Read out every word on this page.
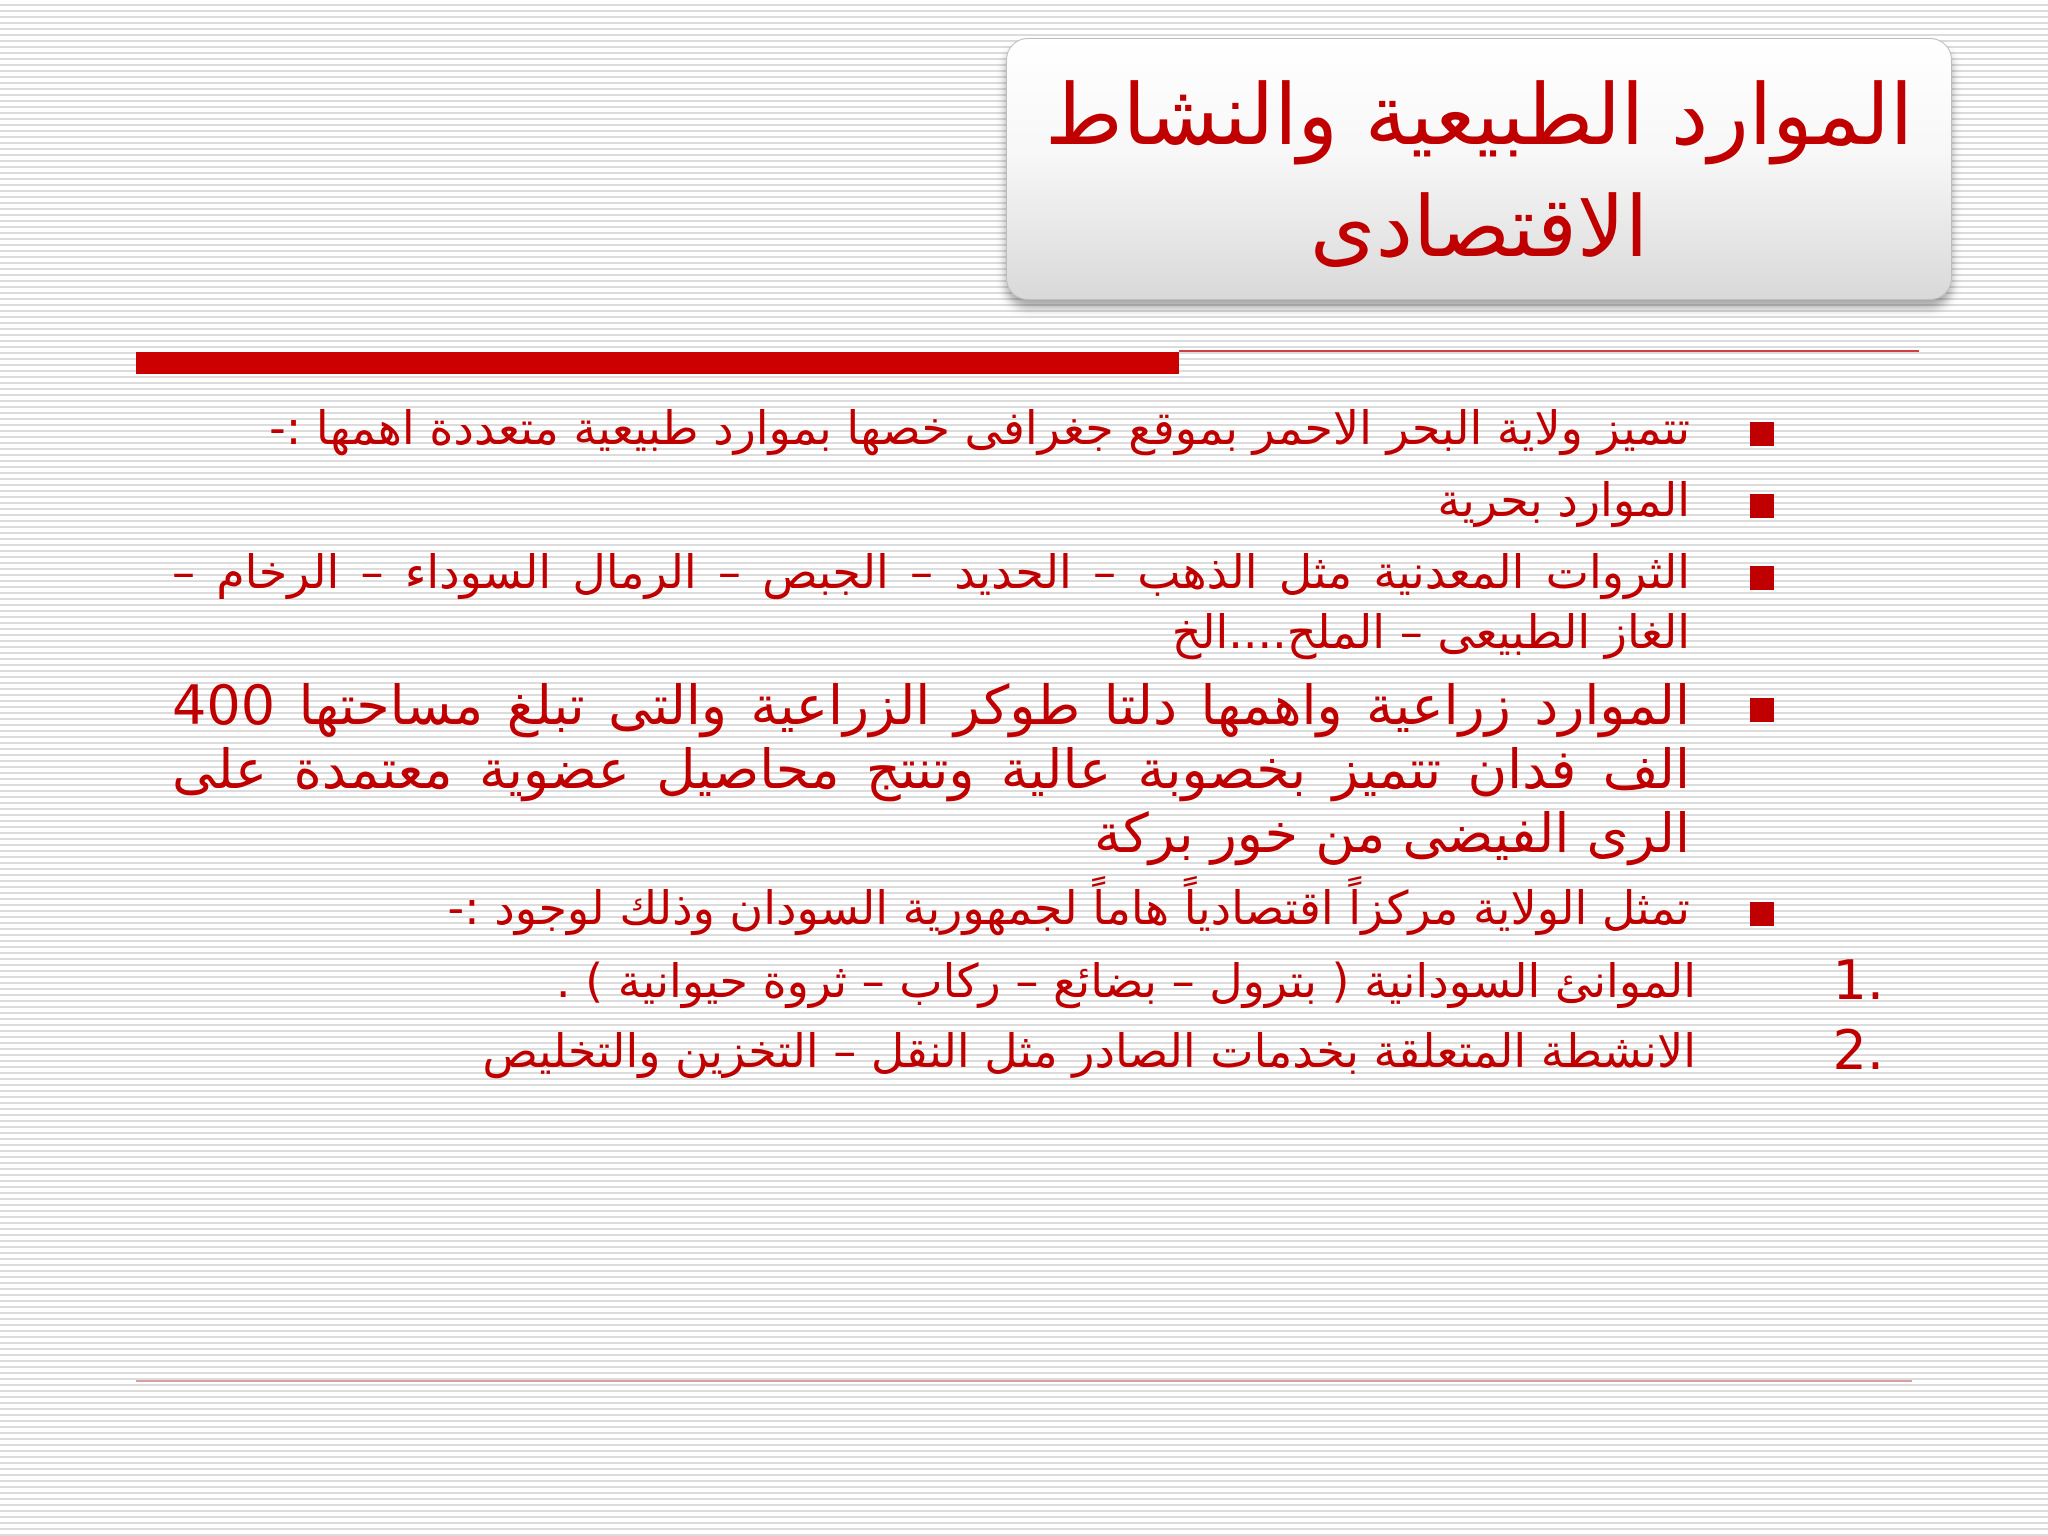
الموارد الطبيعية والنشاط
الاقتصادى
تتميز ولاية البحر الاحمر بموقع جغرافى خصها بموارد طبيعية متعددة اهمها :-
الموارد بحرية
الثروات المعدنية مثل الذهب – الحديد – الجبص – الرمال السوداء – الرخام – الغاز الطبيعى – الملح....الخ
الموارد زراعية واهمها دلتا طوكر الزراعية والتى تبلغ مساحتها 400 الف فدان تتميز بخصوبة عالية وتنتج محاصيل عضوية معتمدة على الرى الفيضى من خور بركة
تمثل الولاية مركزاً اقتصادياً هاماً لجمهورية السودان وذلك لوجود :-
1.
الموانئ السودانية ( بترول – بضائع – ركاب – ثروة حيوانية ) .
2.
الانشطة المتعلقة بخدمات الصادر مثل النقل – التخزين والتخليص
